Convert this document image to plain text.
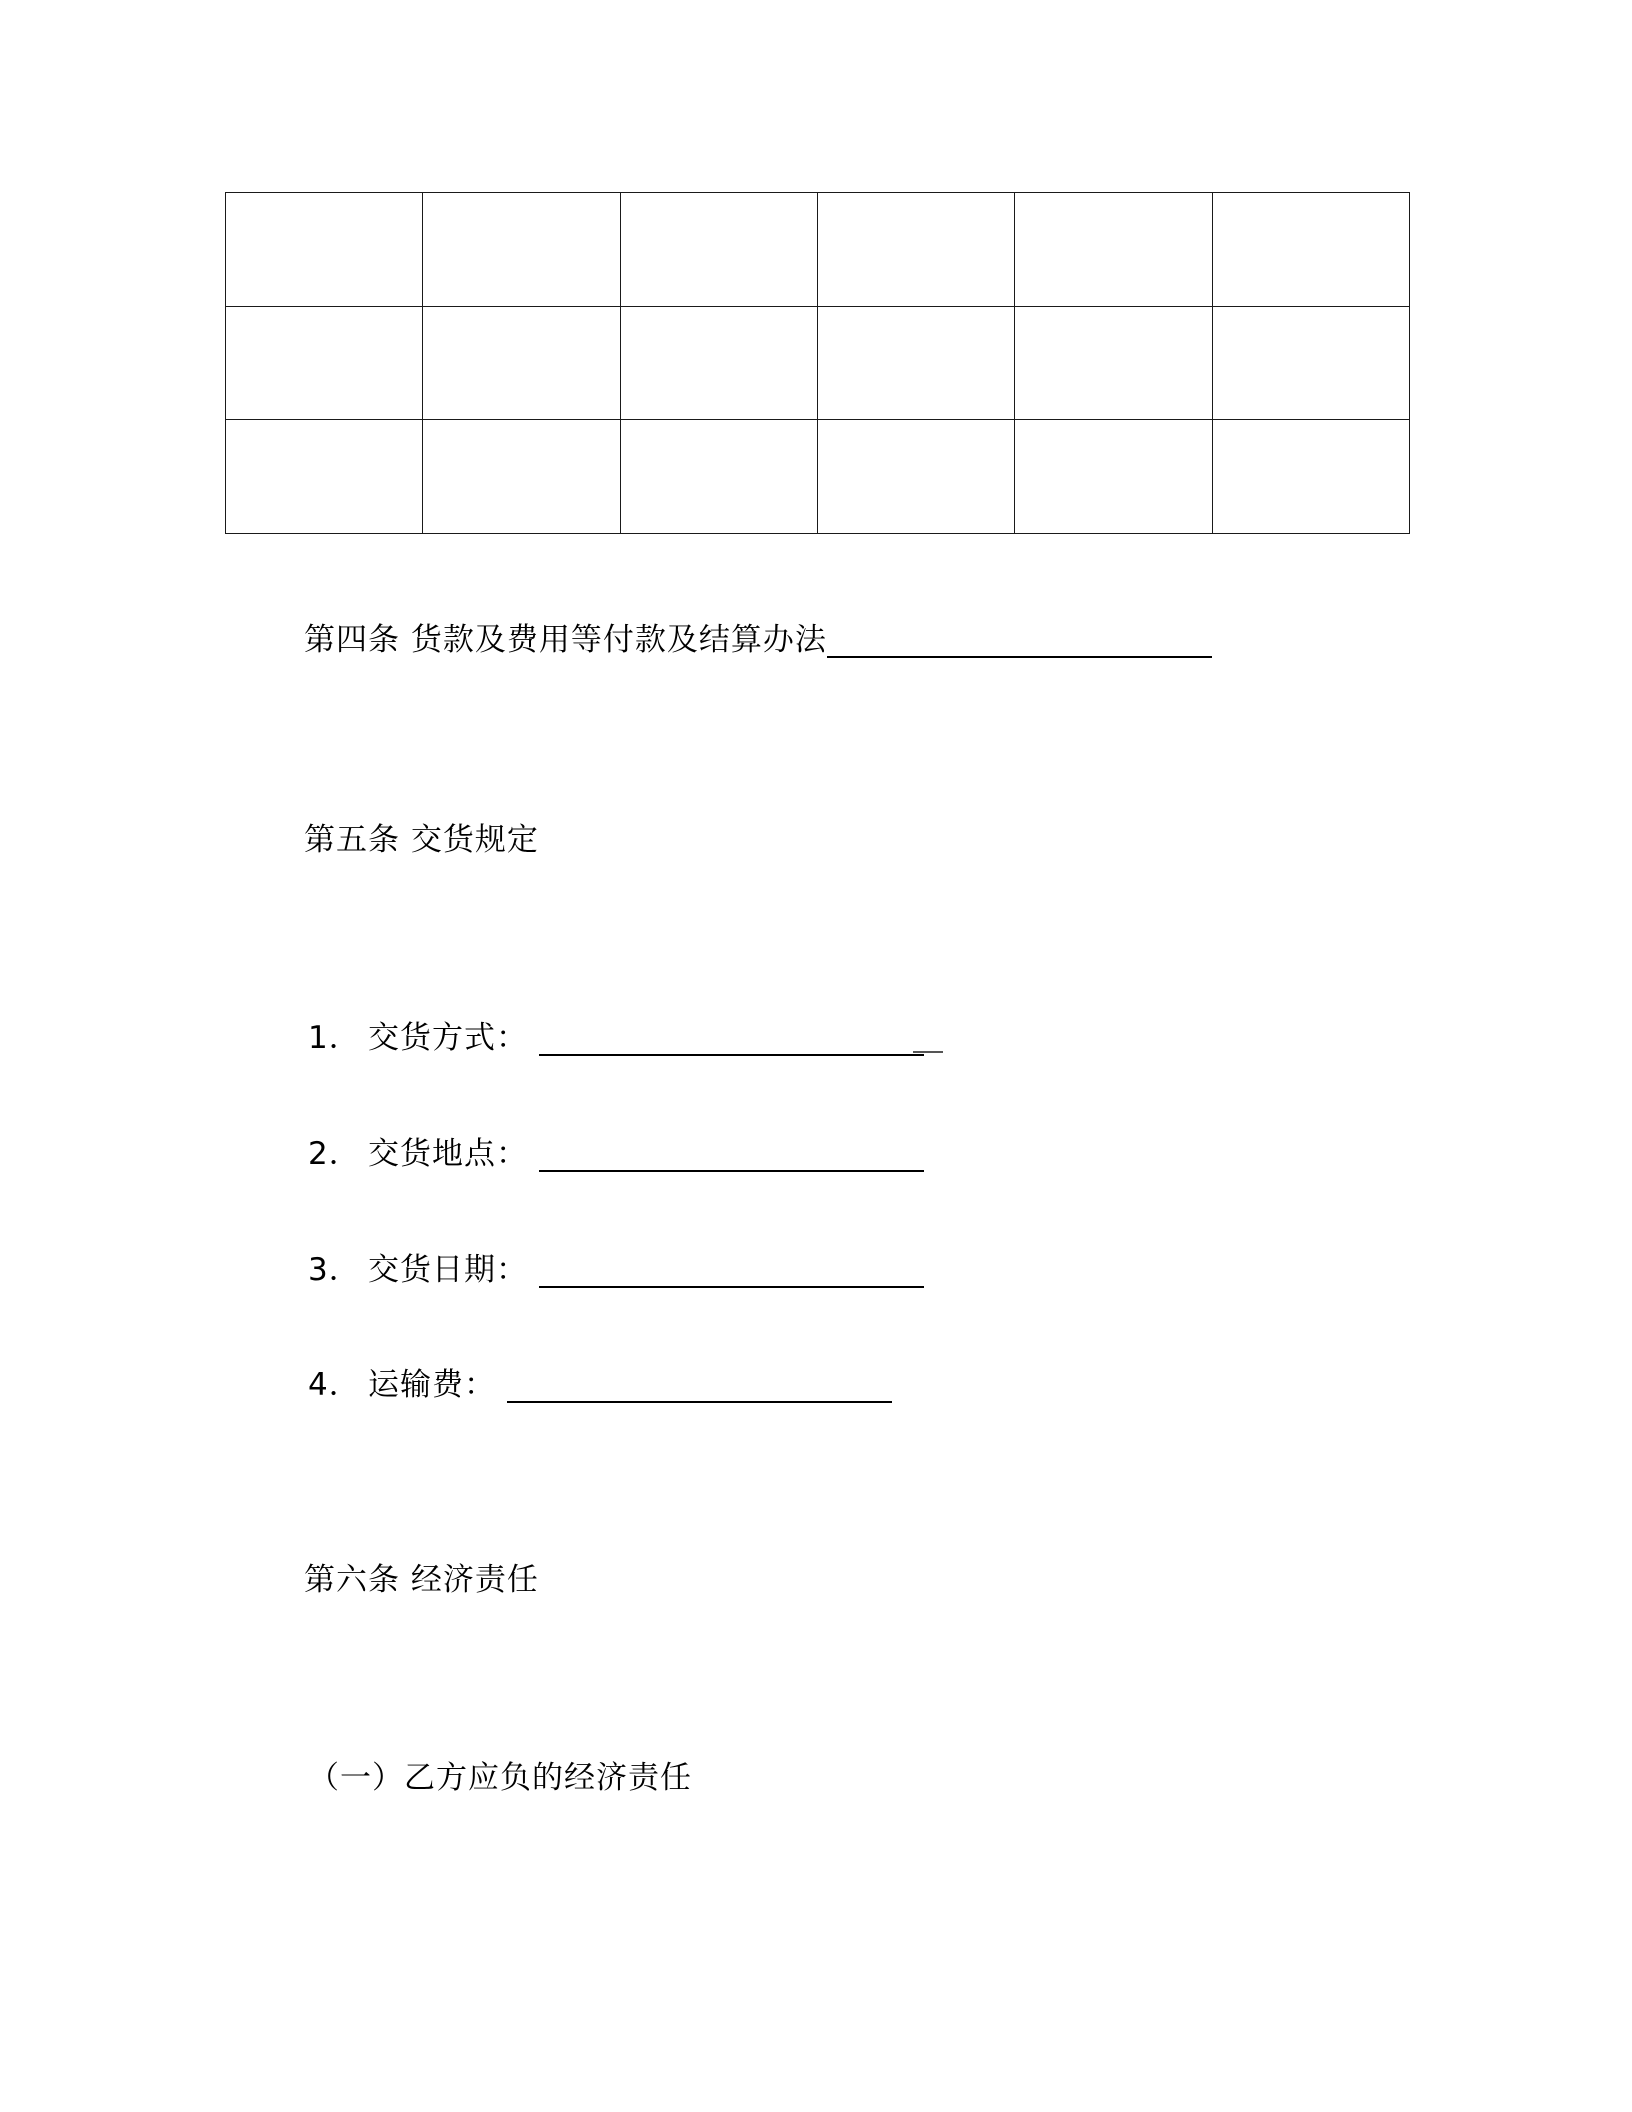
第四条 货款及费用等付款及结算办法
第五条 交货规定
1． 交货方式：
2． 交货地点：
3． 交货日期：
4． 运输费：
第六条 经济责任
（一）乙方应负的经济责任
